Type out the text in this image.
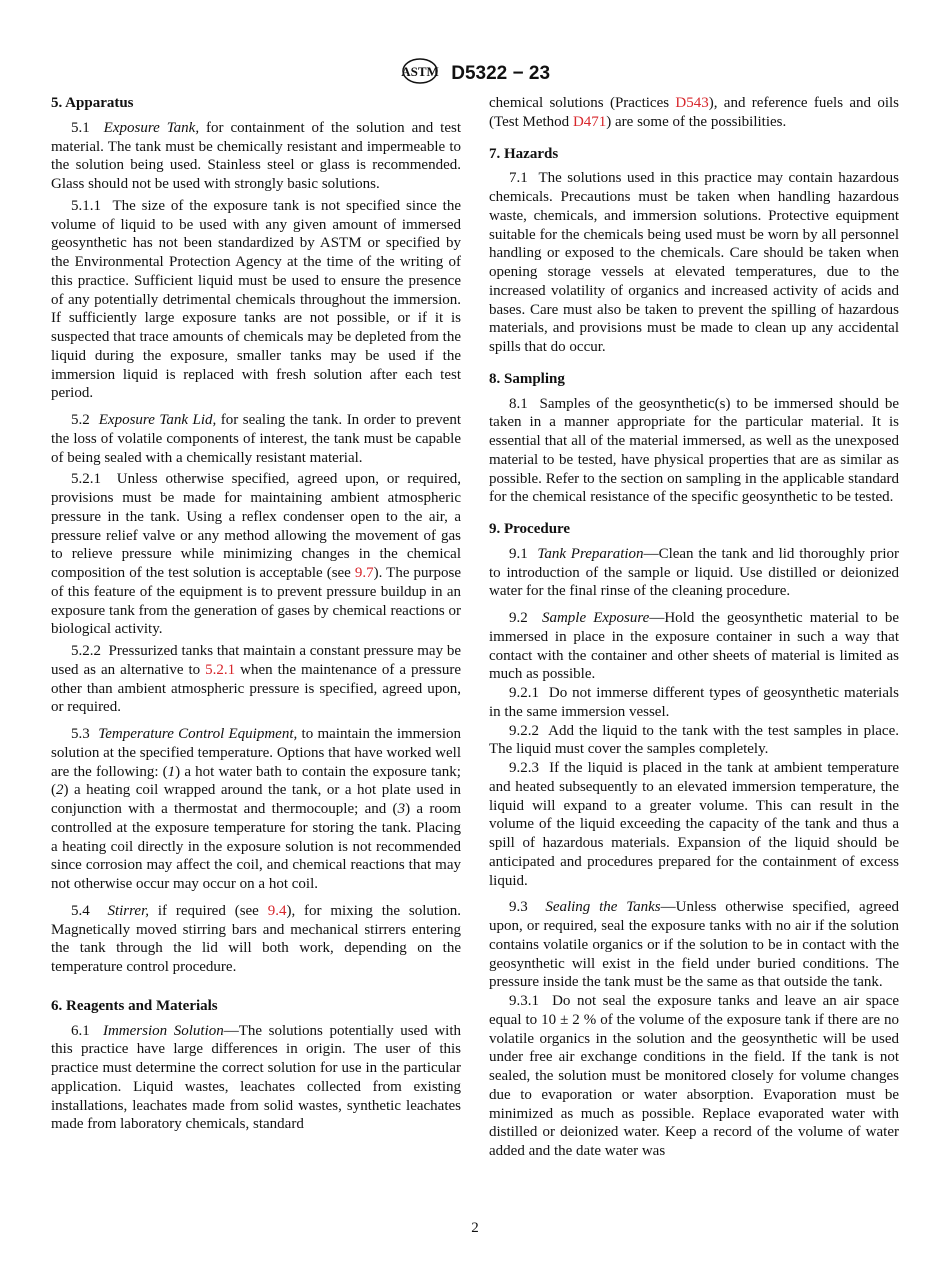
ASTM D5322 − 23
5. Apparatus

5.1 Exposure Tank, for containment of the solution and test material. The tank must be chemically resistant and impermeable to the solution being used. Stainless steel or glass is recommended. Glass should not be used with strongly basic solutions.

5.1.1 The size of the exposure tank is not specified since the volume of liquid to be used with any given amount of immersed geosynthetic has not been standardized by ASTM or specified by the Environmental Protection Agency at the time of the writing of this practice. Sufficient liquid must be used to ensure the presence of any potentially detrimental chemicals throughout the immersion. If sufficiently large exposure tanks are not possible, or if it is suspected that trace amounts of chemicals may be depleted from the liquid during the exposure, smaller tanks may be used if the immersion liquid is replaced with fresh solution after each test period.

5.2 Exposure Tank Lid, for sealing the tank. In order to prevent the loss of volatile components of interest, the tank must be capable of being sealed with a chemically resistant material.

5.2.1 Unless otherwise specified, agreed upon, or required, provisions must be made for maintaining ambient atmospheric pressure in the tank. Using a reflex condenser open to the air, a pressure relief valve or any method allowing the movement of gas to relieve pressure while minimizing changes in the chemical composition of the test solution is acceptable (see 9.7). The purpose of this feature of the equipment is to prevent pressure buildup in an exposure tank from the generation of gases by chemical reactions or biological activity.

5.2.2 Pressurized tanks that maintain a constant pressure may be used as an alternative to 5.2.1 when the maintenance of a pressure other than ambient atmospheric pressure is specified, agreed upon, or required.

5.3 Temperature Control Equipment, to maintain the immersion solution at the specified temperature. Options that have worked well are the following: (1) a hot water bath to contain the exposure tank; (2) a heating coil wrapped around the tank, or a hot plate used in conjunction with a thermostat and thermocouple; and (3) a room controlled at the exposure temperature for storing the tank. Placing a heating coil directly in the exposure solution is not recommended since corrosion may affect the coil, and chemical reactions that may not otherwise occur may occur on a hot coil.

5.4 Stirrer, if required (see 9.4), for mixing the solution. Magnetically moved stirring bars and mechanical stirrers entering the tank through the lid will both work, depending on the temperature control procedure.

6. Reagents and Materials

6.1 Immersion Solution—The solutions potentially used with this practice have large differences in origin. The user of this practice must determine the correct solution for use in the particular application. Liquid wastes, leachates collected from existing installations, leachates made from solid wastes, synthetic leachates made from laboratory chemicals, standard

chemical solutions (Practices D543), and reference fuels and oils (Test Method D471) are some of the possibilities.

7. Hazards

7.1 The solutions used in this practice may contain hazardous chemicals. Precautions must be taken when handling hazardous waste, chemicals, and immersion solutions. Protective equipment suitable for the chemicals being used must be worn by all personnel handling or exposed to the chemicals. Care should be taken when opening storage vessels at elevated temperatures, due to the increased volatility of organics and increased activity of acids and bases. Care must also be taken to prevent the spilling of hazardous materials, and provisions must be made to clean up any accidental spills that do occur.

8. Sampling

8.1 Samples of the geosynthetic(s) to be immersed should be taken in a manner appropriate for the particular material. It is essential that all of the material immersed, as well as the unexposed material to be tested, have physical properties that are as similar as possible. Refer to the section on sampling in the applicable standard for the chemical resistance of the specific geosynthetic to be tested.

9. Procedure

9.1 Tank Preparation—Clean the tank and lid thoroughly prior to introduction of the sample or liquid. Use distilled or deionized water for the final rinse of the cleaning procedure.

9.2 Sample Exposure—Hold the geosynthetic material to be immersed in place in the exposure container in such a way that contact with the container and other sheets of material is limited as much as possible.

9.2.1 Do not immerse different types of geosynthetic materials in the same immersion vessel.

9.2.2 Add the liquid to the tank with the test samples in place. The liquid must cover the samples completely.

9.2.3 If the liquid is placed in the tank at ambient temperature and heated subsequently to an elevated immersion temperature, the liquid will expand to a greater volume. This can result in the volume of the liquid exceeding the capacity of the tank and thus a spill of hazardous materials. Expansion of the liquid should be anticipated and procedures prepared for the containment of excess liquid.

9.3 Sealing the Tanks—Unless otherwise specified, agreed upon, or required, seal the exposure tanks with no air if the solution contains volatile organics or if the solution to be in contact with the geosynthetic will exist in the field under buried conditions. The pressure inside the tank must be the same as that outside the tank.

9.3.1 Do not seal the exposure tanks and leave an air space equal to 10 ± 2 % of the volume of the exposure tank if there are no volatile organics in the solution and the geosynthetic will be used under free air exchange conditions in the field. If the tank is not sealed, the solution must be monitored closely for volume changes due to evaporation or water absorption. Evaporation must be minimized as much as possible. Replace evaporated water with distilled or deionized water. Keep a record of the volume of water added and the date water was

2
